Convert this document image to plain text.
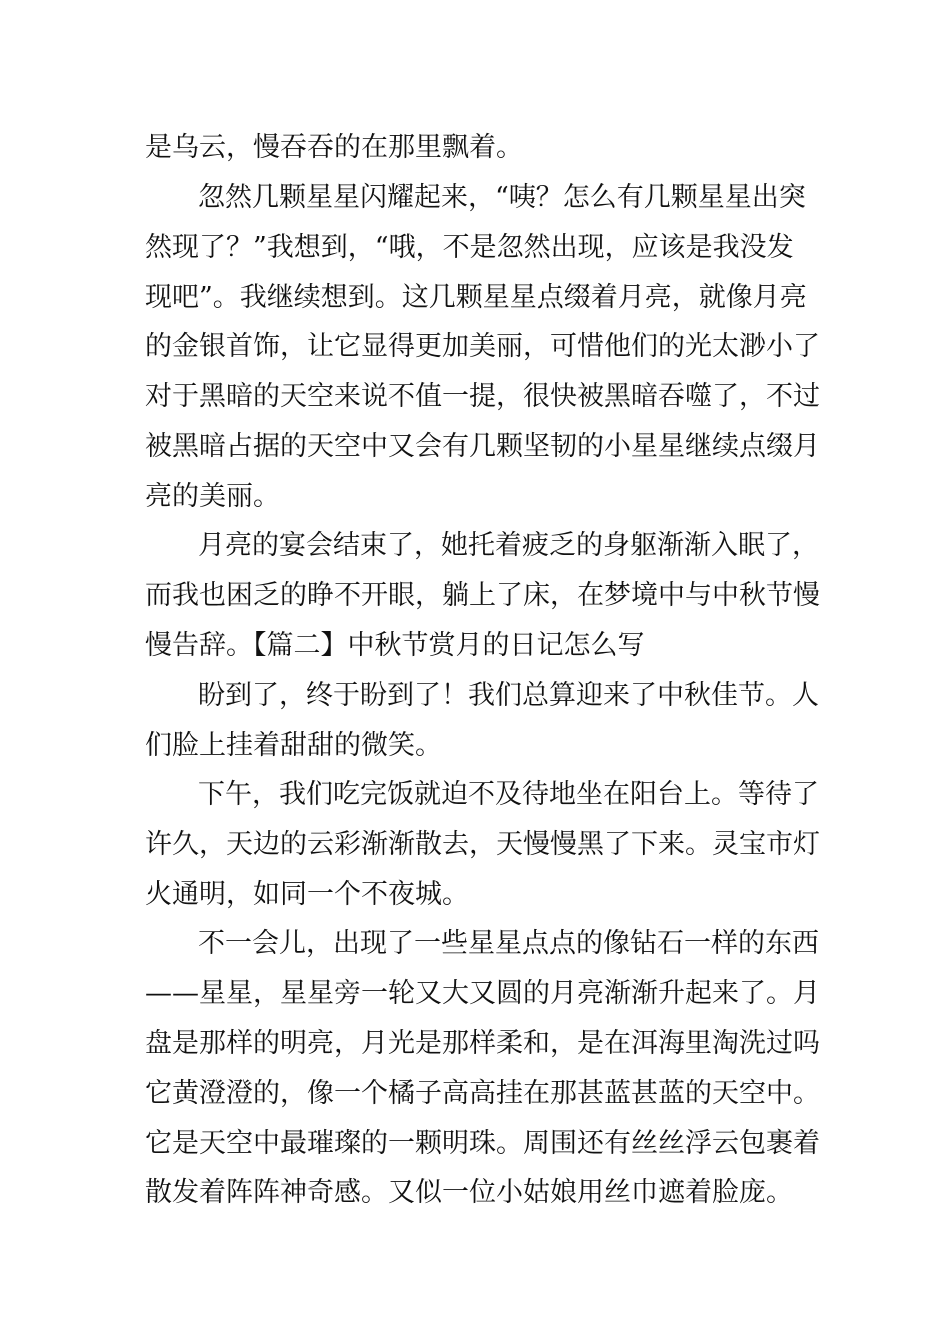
是乌云，慢吞吞的在那里飘着。
忽然几颗星星闪耀起来，“咦？怎么有几颗星星出突
然现了？”我想到，“哦，不是忽然出现，应该是我没发
现吧”。我继续想到。这几颗星星点缀着月亮，就像月亮
的金银首饰，让它显得更加美丽，可惜他们的光太渺小了
对于黑暗的天空来说不值一提，很快被黑暗吞噬了，不过
被黑暗占据的天空中又会有几颗坚韧的小星星继续点缀月
亮的美丽。
月亮的宴会结束了，她托着疲乏的身躯渐渐入眠了，
而我也困乏的睁不开眼，躺上了床，在梦境中与中秋节慢
慢告辞。【篇二】中秋节赏月的日记怎么写
盼到了，终于盼到了！我们总算迎来了中秋佳节。人
们脸上挂着甜甜的微笑。
下午，我们吃完饭就迫不及待地坐在阳台上。等待了
许久，天边的云彩渐渐散去，天慢慢黑了下来。灵宝市灯
火通明，如同一个不夜城。
不一会儿，出现了一些星星点点的像钻石一样的东西
——星星，星星旁一轮又大又圆的月亮渐渐升起来了。月
盘是那样的明亮，月光是那样柔和，是在洱海里淘洗过吗
它黄澄澄的，像一个橘子高高挂在那甚蓝甚蓝的天空中。
它是天空中最璀璨的一颗明珠。周围还有丝丝浮云包裹着
散发着阵阵神奇感。又似一位小姑娘用丝巾遮着脸庞。
